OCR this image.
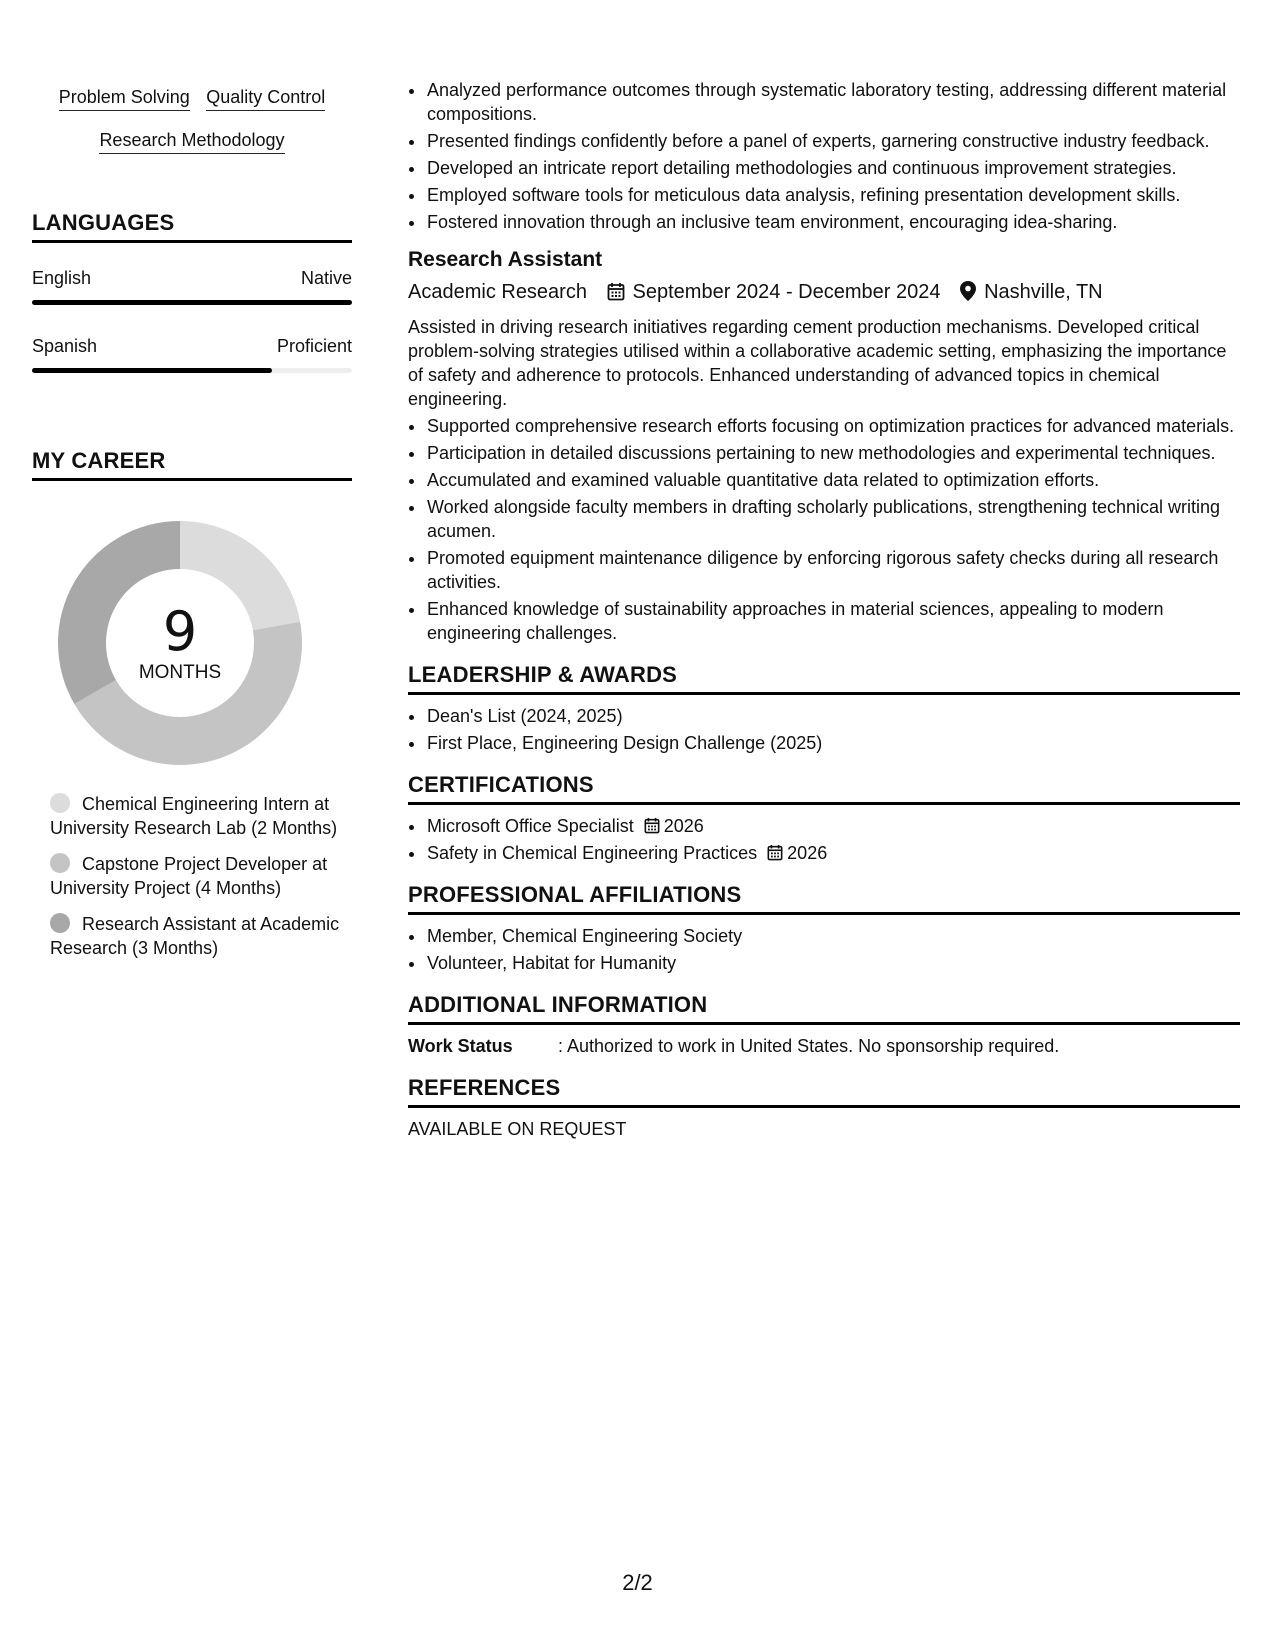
Problem Solving Quality Control
Research Methodology
LANGUAGES
English	Native
Spanish	Proficient
MY CAREER
9
MONTHS
Chemical Engineering Intern at University Research Lab (2 Months)
Capstone Project Developer at University Project (4 Months)
Research Assistant at Academic Research (3 Months)
• Analyzed performance outcomes through systematic laboratory testing, addressing different material compositions.
• Presented findings confidently before a panel of experts, garnering constructive industry feedback.
• Developed an intricate report detailing methodologies and continuous improvement strategies.
• Employed software tools for meticulous data analysis, refining presentation development skills.
• Fostered innovation through an inclusive team environment, encouraging idea-sharing.
Research Assistant
Academic Research September 2024 - December 2024 Nashville, TN
Assisted in driving research initiatives regarding cement production mechanisms. Developed critical problem-solving strategies utilised within a collaborative academic setting, emphasizing the importance of safety and adherence to protocols. Enhanced understanding of advanced topics in chemical engineering.
• Supported comprehensive research efforts focusing on optimization practices for advanced materials.
• Participation in detailed discussions pertaining to new methodologies and experimental techniques.
• Accumulated and examined valuable quantitative data related to optimization efforts.
• Worked alongside faculty members in drafting scholarly publications, strengthening technical writing acumen.
• Promoted equipment maintenance diligence by enforcing rigorous safety checks during all research activities.
• Enhanced knowledge of sustainability approaches in material sciences, appealing to modern engineering challenges.
LEADERSHIP & AWARDS
• Dean's List (2024, 2025)
• First Place, Engineering Design Challenge (2025)
CERTIFICATIONS
• Microsoft Office Specialist 2026
• Safety in Chemical Engineering Practices 2026
PROFESSIONAL AFFILIATIONS
• Member, Chemical Engineering Society
• Volunteer, Habitat for Humanity
ADDITIONAL INFORMATION
Work Status	: Authorized to work in United States. No sponsorship required.
REFERENCES
AVAILABLE ON REQUEST
2/2
